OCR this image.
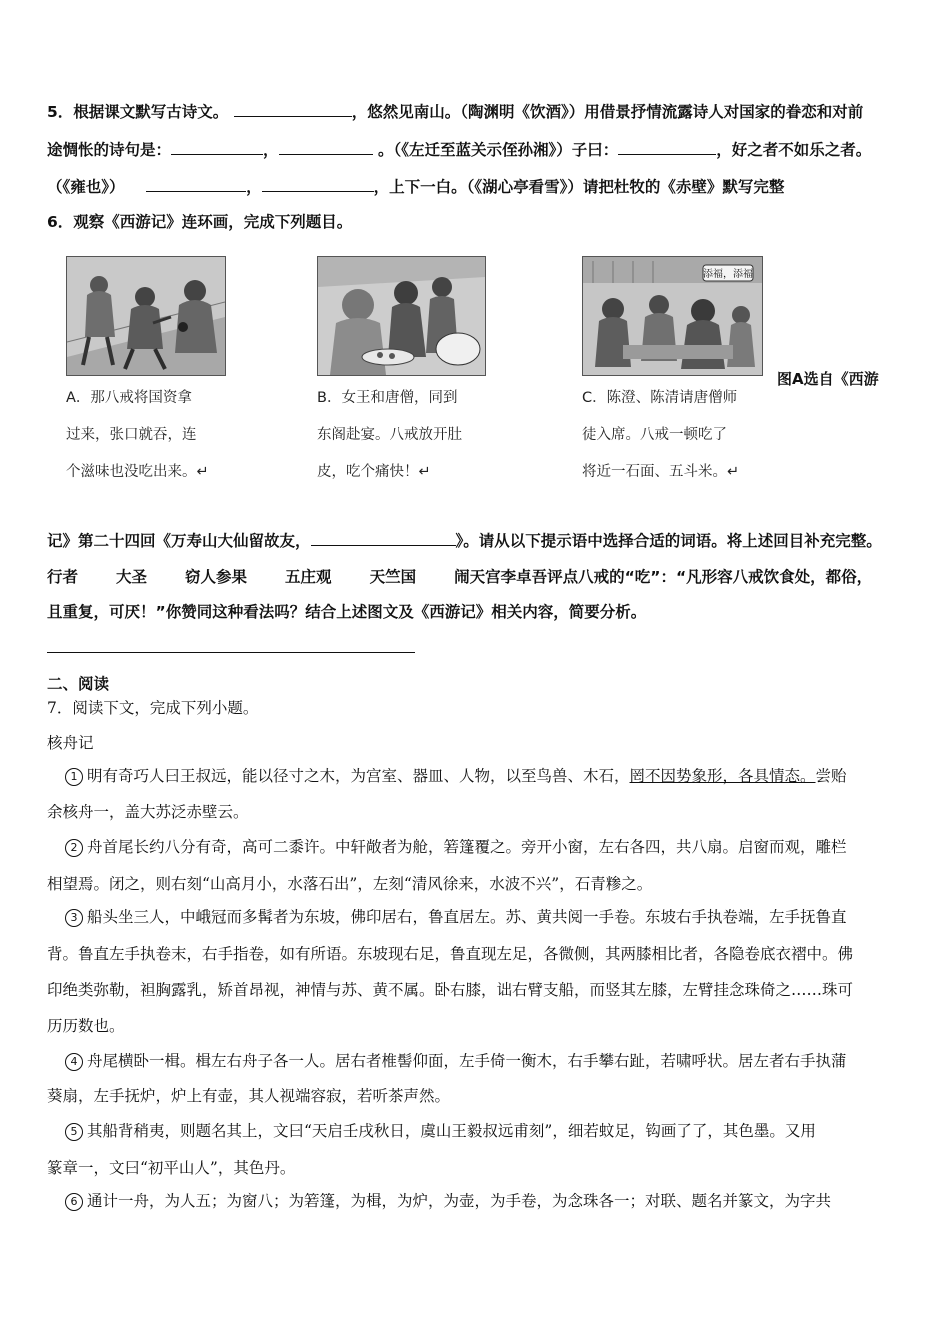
5．根据课文默写古诗文。	，悠然见南山。（陶渊明《饮酒》）用借景抒情流露诗人对国家的眷恋和对前
途惆怅的诗句是：	，	。（《左迁至蓝关示侄孙湘》）子曰：	，好之者不如乐之者。
（《雍也》）	，	，上下一白。（《湖心亭看雪》）请把杜牧的《赤壁》默写完整
6．观察《西游记》连环画，完成下列题目。
添福，添福
A．那八戒将国资拿
过来，张口就吞，连
个滋味也没吃出来。↵
B．女王和唐僧，同到
东阁赴宴。八戒放开肚
皮，吃个痛快！↵
C．陈澄、陈清请唐僧师
徒入席。八戒一顿吃了
将近一石面、五斗米。↵
图A选自《西游
记》第二十四回《万寿山大仙留故友，	》。请从以下提示语中选择合适的词语。将上述回目补充完整。
行者 大圣 窃人参果 五庄观 天竺国 闹天宫李卓吾评点八戒的“吃”：“凡形容八戒饮食处，都俗，
且重复，可厌！”你赞同这种看法吗？结合上述图文及《西游记》相关内容，简要分析。
二、阅读
7．阅读下文，完成下列小题。
核舟记
1 明有奇巧人曰王叔远，能以径寸之木，为宫室、器皿、人物，以至鸟兽、木石，罔不因势象形，各具情态。尝贻
余核舟一，盖大苏泛赤壁云。
2 舟首尾长约八分有奇，高可二黍许。中轩敞者为舱，箬篷覆之。旁开小窗，左右各四，共八扇。启窗而观，雕栏
相望焉。闭之，则右刻“山高月小，水落石出”，左刻“清风徐来，水波不兴”，石青糁之。
3 船头坐三人，中峨冠而多髯者为东坡，佛印居右，鲁直居左。苏、黄共阅一手卷。东坡右手执卷端，左手抚鲁直
背。鲁直左手执卷末，右手指卷，如有所语。东坡现右足，鲁直现左足，各微侧，其两膝相比者，各隐卷底衣褶中。佛
印绝类弥勒，袒胸露乳，矫首昂视，神情与苏、黄不属。卧右膝，诎右臂支船，而竖其左膝，左臂挂念珠倚之……珠可
历历数也。
4 舟尾横卧一楫。楫左右舟子各一人。居右者椎髻仰面，左手倚一衡木，右手攀右趾，若啸呼状。居左者右手执蒲
葵扇，左手抚炉，炉上有壶，其人视端容寂，若听茶声然。
5 其船背稍夷，则题名其上，文曰“天启壬戌秋日，虞山王毅叔远甫刻”，细若蚊足，钩画了了，其色墨。又用
篆章一，文曰“初平山人”，其色丹。
6 通计一舟，为人五；为窗八；为箬篷，为楫，为炉，为壶，为手卷，为念珠各一；对联、题名并篆文，为字共
